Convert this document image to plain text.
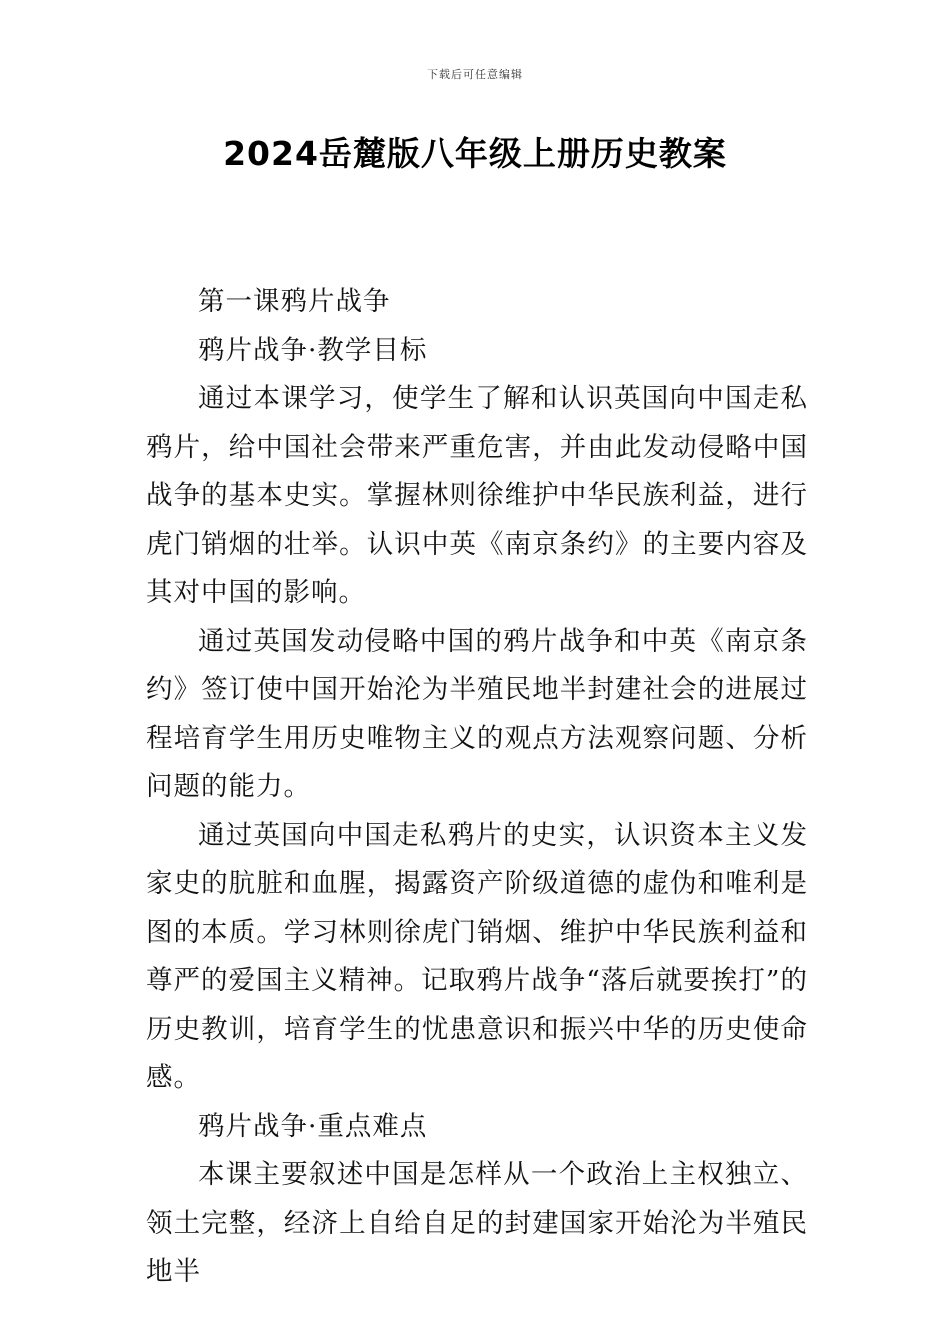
下载后可任意编辑
2024岳麓版八年级上册历史教案

第一课鸦片战争

鸦片战争·教学目标

通过本课学习，使学生了解和认识英国向中国走私鸦片，给中国社会带来严重危害，并由此发动侵略中国战争的基本史实。掌握林则徐维护中华民族利益，进行虎门销烟的壮举。认识中英《南京条约》的主要内容及其对中国的影响。

通过英国发动侵略中国的鸦片战争和中英《南京条约》签订使中国开始沦为半殖民地半封建社会的进展过程培育学生用历史唯物主义的观点方法观察问题、分析问题的能力。

通过英国向中国走私鸦片的史实，认识资本主义发家史的肮脏和血腥，揭露资产阶级道德的虚伪和唯利是图的本质。学习林则徐虎门销烟、维护中华民族利益和尊严的爱国主义精神。记取鸦片战争“落后就要挨打”的历史教训，培育学生的忧患意识和振兴中华的历史使命感。

鸦片战争·重点难点

本课主要叙述中国是怎样从一个政治上主权独立、领土完整，经济上自给自足的封建国家开始沦为半殖民地半
